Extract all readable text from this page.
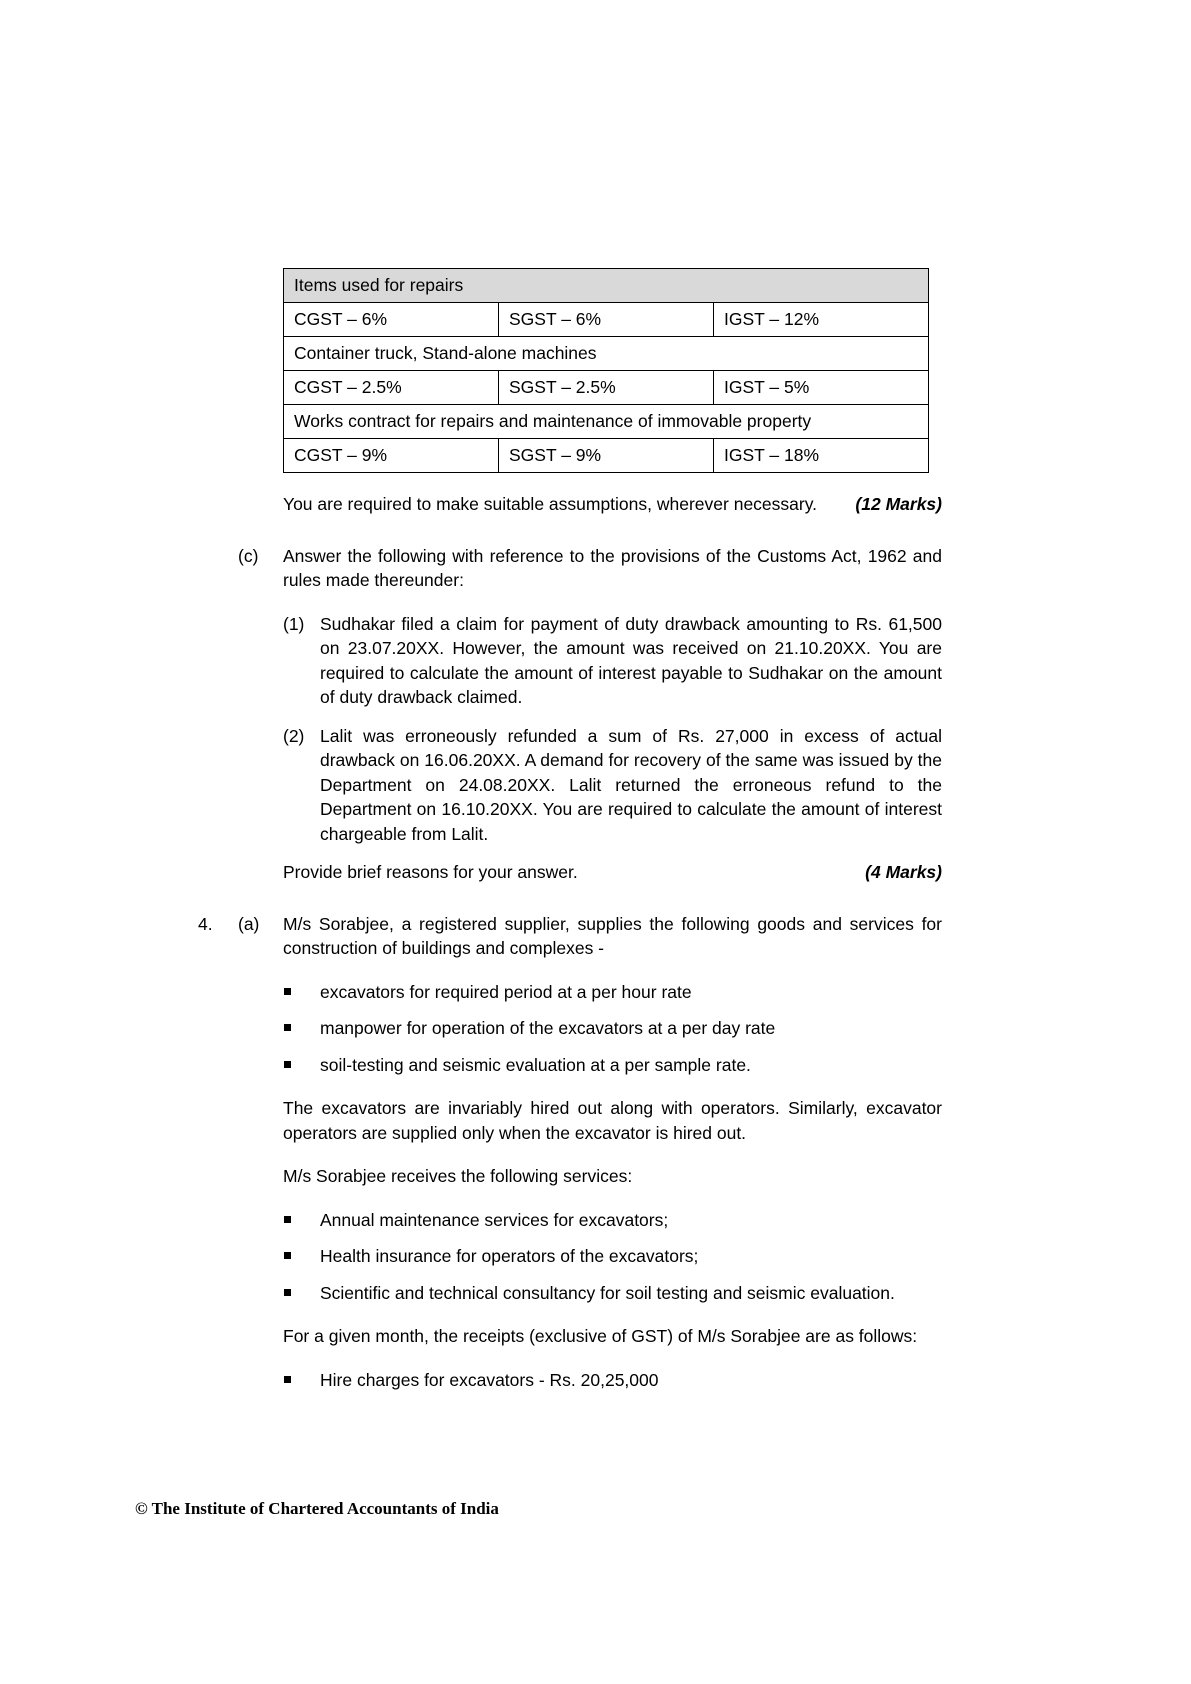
Items used for repairs		
CGST – 6%	SGST – 6%	IGST – 12%
Container truck, Stand-alone machines		
CGST – 2.5%	SGST – 2.5%	IGST – 5%
Works contract for repairs and maintenance of immovable property		
CGST – 9%	SGST – 9%	IGST – 18%
You are required to make suitable assumptions, wherever necessary. (12 Marks)
(c)	Answer the following with reference to the provisions of the Customs Act, 1962 and rules made thereunder:
(1) Sudhakar filed a claim for payment of duty drawback amounting to Rs. 61,500 on 23.07.20XX. However, the amount was received on 21.10.20XX. You are required to calculate the amount of interest payable to Sudhakar on the amount of duty drawback claimed.
(2) Lalit was erroneously refunded a sum of Rs. 27,000 in excess of actual drawback on 16.06.20XX. A demand for recovery of the same was issued by the Department on 24.08.20XX. Lalit returned the erroneous refund to the Department on 16.10.20XX. You are required to calculate the amount of interest chargeable from Lalit.
Provide brief reasons for your answer.	(4 Marks)
4.	(a)	M/s Sorabjee, a registered supplier, supplies the following goods and services for construction of buildings and complexes -
excavators for required period at a per hour rate
manpower for operation of the excavators at a per day rate
soil-testing and seismic evaluation at a per sample rate.
The excavators are invariably hired out along with operators. Similarly, excavator operators are supplied only when the excavator is hired out.
M/s Sorabjee receives the following services:
Annual maintenance services for excavators;
Health insurance for operators of the excavators;
Scientific and technical consultancy for soil testing and seismic evaluation.
For a given month, the receipts (exclusive of GST) of M/s Sorabjee are as follows:
Hire charges for excavators - Rs. 20,25,000
© The Institute of Chartered Accountants of India
